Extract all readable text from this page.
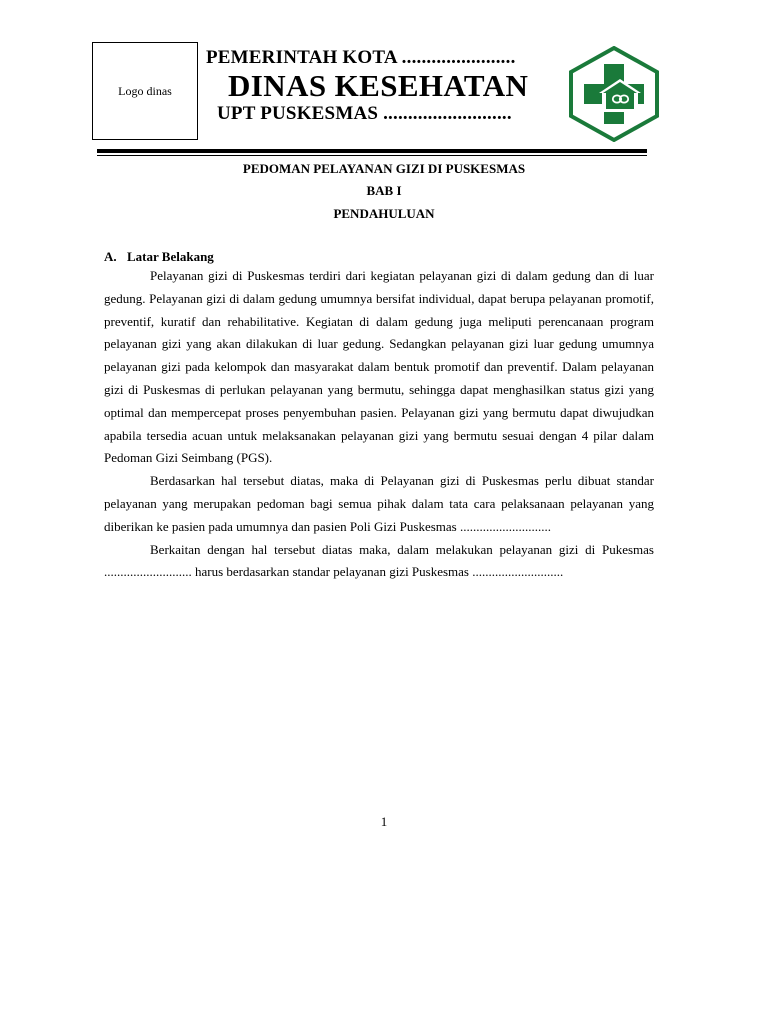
Logo dinas
PEMERINTAH KOTA .......................
DINAS KESEHATAN
UPT PUSKESMAS ..........................
PEDOMAN PELAYANAN GIZI DI PUSKESMAS
BAB I
PENDAHULUAN
A. Latar Belakang

Pelayanan gizi di Puskesmas terdiri dari kegiatan pelayanan gizi di dalam gedung dan di luar gedung. Pelayanan gizi di dalam gedung umumnya bersifat individual, dapat berupa pelayanan promotif, preventif, kuratif dan rehabilitative. Kegiatan di dalam gedung juga meliputi perencanaan program pelayanan gizi yang akan dilakukan di luar gedung. Sedangkan pelayanan gizi luar gedung umumnya pelayanan gizi pada kelompok dan masyarakat dalam bentuk promotif dan preventif. Dalam pelayanan gizi di Puskesmas di perlukan pelayanan yang bermutu, sehingga dapat menghasilkan status gizi yang optimal dan mempercepat proses penyembuhan pasien. Pelayanan gizi yang bermutu dapat diwujudkan apabila tersedia acuan untuk melaksanakan pelayanan gizi yang bermutu sesuai dengan 4 pilar dalam Pedoman Gizi Seimbang (PGS).

Berdasarkan hal tersebut diatas, maka di Pelayanan gizi di Puskesmas perlu dibuat standar pelayanan yang merupakan pedoman bagi semua pihak dalam tata cara pelaksanaan pelayanan yang diberikan ke pasien pada umumnya dan pasien Poli Gizi Puskesmas ............................

Berkaitan dengan hal tersebut diatas maka, dalam melakukan pelayanan gizi di Pukesmas ........................... harus berdasarkan standar pelayanan gizi Puskesmas ............................

1
